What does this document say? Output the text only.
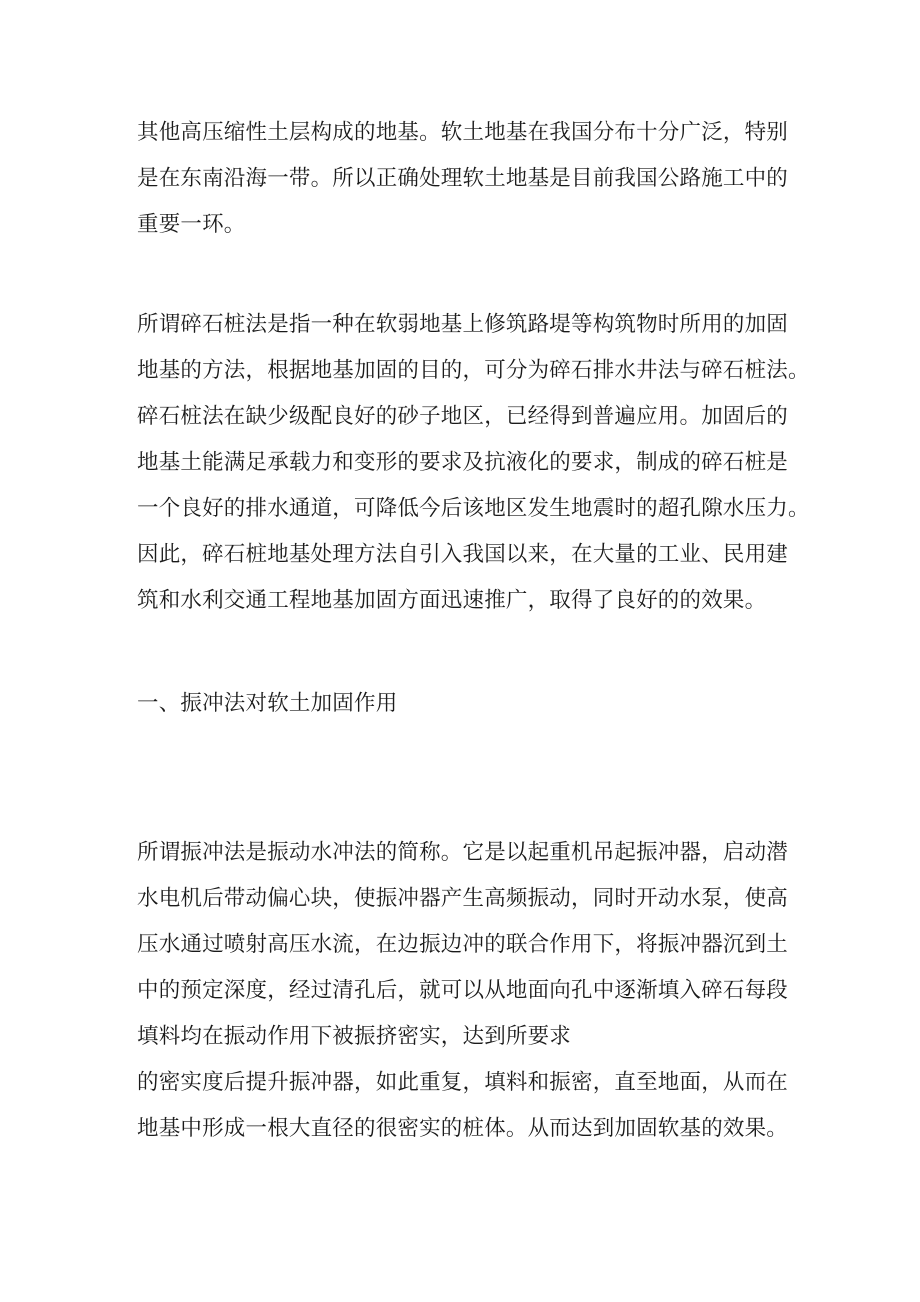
其他高压缩性土层构成的地基。软土地基在我国分布十分广泛，特别
是在东南沿海一带。所以正确处理软土地基是目前我国公路施工中的
重要一环。
所谓碎石桩法是指一种在软弱地基上修筑路堤等构筑物时所用的加固
地基的方法，根据地基加固的目的，可分为碎石排水井法与碎石桩法。
碎石桩法在缺少级配良好的砂子地区，已经得到普遍应用。加固后的
地基土能满足承载力和变形的要求及抗液化的要求，制成的碎石桩是
一个良好的排水通道，可降低今后该地区发生地震时的超孔隙水压力。
因此，碎石桩地基处理方法自引入我国以来，在大量的工业、民用建
筑和水利交通工程地基加固方面迅速推广，取得了良好的的效果。
一、振冲法对软土加固作用
所谓振冲法是振动水冲法的简称。它是以起重机吊起振冲器，启动潜
水电机后带动偏心块，使振冲器产生高频振动，同时开动水泵，使高
压水通过喷射高压水流，在边振边冲的联合作用下，将振冲器沉到土
中的预定深度，经过清孔后，就可以从地面向孔中逐渐填入碎石每段
填料均在振动作用下被振挤密实，达到所要求
的密实度后提升振冲器，如此重复，填料和振密，直至地面，从而在
地基中形成一根大直径的很密实的桩体。从而达到加固软基的效果。
